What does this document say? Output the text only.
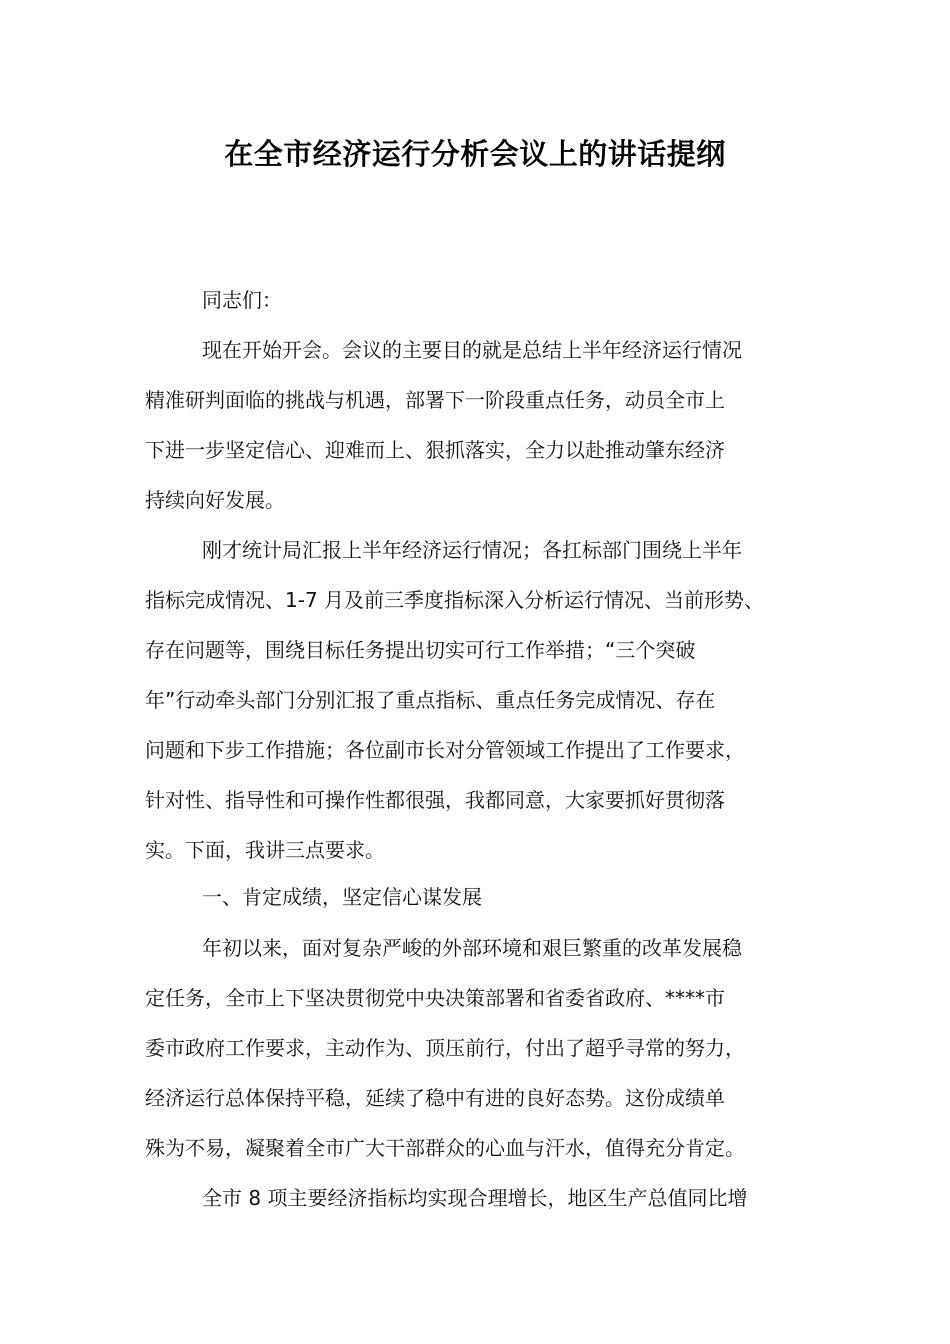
在全市经济运行分析会议上的讲话提纲
同志们：
现在开始开会。会议的主要目的就是总结上半年经济运行情况
精准研判面临的挑战与机遇，部署下一阶段重点任务，动员全市上
下进一步坚定信心、迎难而上、狠抓落实，全力以赴推动肇东经济
持续向好发展。
刚才统计局汇报上半年经济运行情况；各扛标部门围绕上半年
指标完成情况、1-7 月及前三季度指标深入分析运行情况、当前形势、
存在问题等，围绕目标任务提出切实可行工作举措；“三个突破
年”行动牵头部门分别汇报了重点指标、重点任务完成情况、存在
问题和下步工作措施；各位副市长对分管领域工作提出了工作要求，
针对性、指导性和可操作性都很强，我都同意，大家要抓好贯彻落
实。下面，我讲三点要求。
一、肯定成绩，坚定信心谋发展
年初以来，面对复杂严峻的外部环境和艰巨繁重的改革发展稳
定任务，全市上下坚决贯彻党中央决策部署和省委省政府、****市
委市政府工作要求，主动作为、顶压前行，付出了超乎寻常的努力，
经济运行总体保持平稳，延续了稳中有进的良好态势。这份成绩单
殊为不易，凝聚着全市广大干部群众的心血与汗水，值得充分肯定。
全市 8 项主要经济指标均实现合理增长，地区生产总值同比增
